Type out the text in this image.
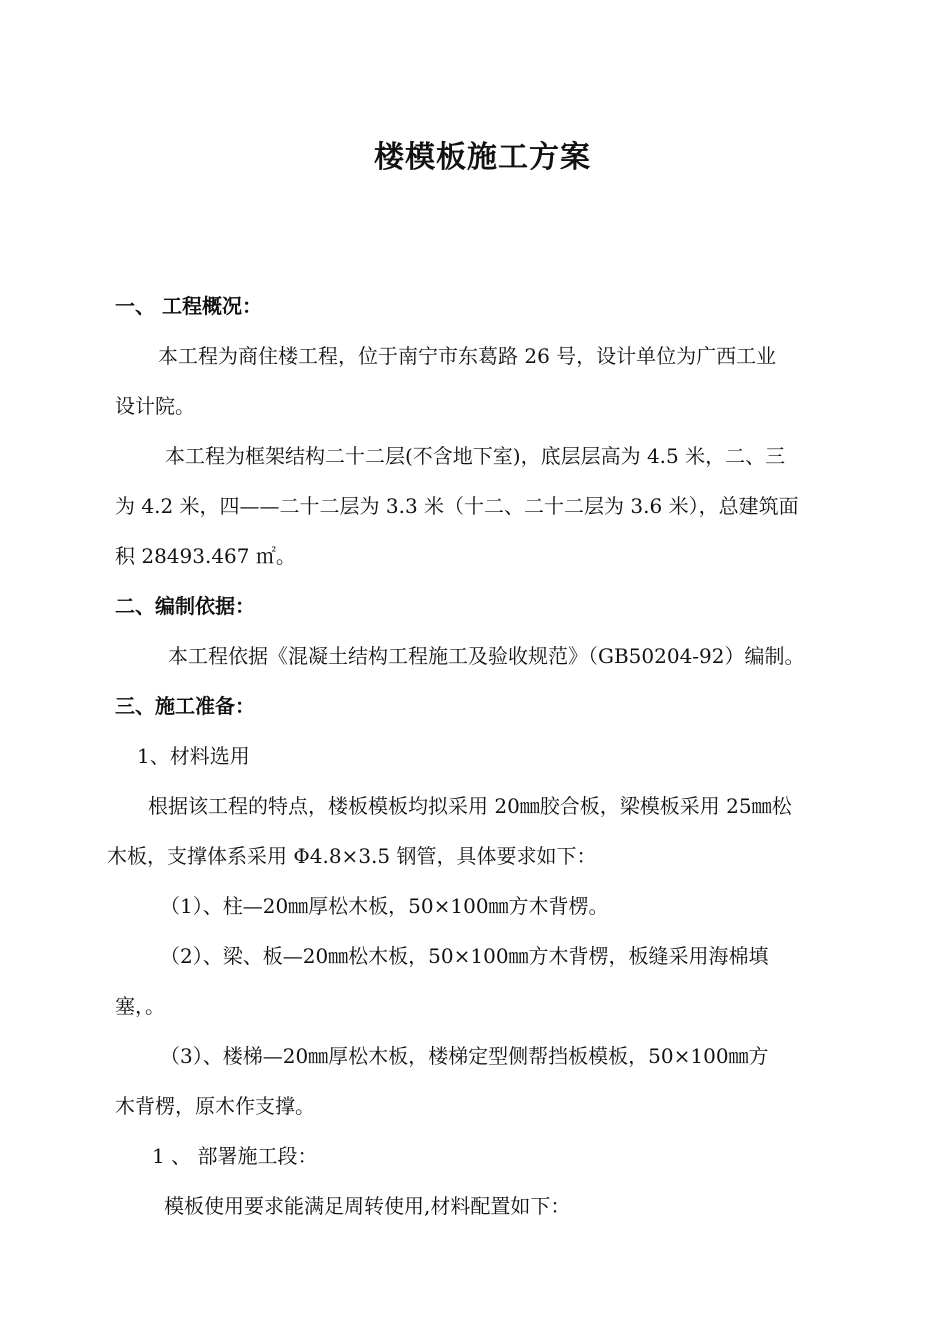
楼模板施工方案
一、 工程概况：
本工程为商住楼工程，位于南宁市东葛路 26 号，设计单位为广西工业
设计院。
本工程为框架结构二十二层(不含地下室)，底层层高为 4.5 米，二、三
为 4.2 米，四——二十二层为 3.3 米（十二、二十二层为 3.6 米），总建筑面
积 28493.467 ㎡。
二、编制依据：
本工程依据《混凝土结构工程施工及验收规范》（GB50204-92）编制。
三、施工准备：
1、材料选用
根据该工程的特点，楼板模板均拟采用 20㎜胶合板，梁模板采用 25㎜松
木板，支撑体系采用 Φ4.8×3.5 钢管，具体要求如下：
（1）、柱—20㎜厚松木板，50×100㎜方木背楞。
（2）、梁、板—20㎜松木板，50×100㎜方木背楞，板缝采用海棉填
塞，。
（3）、楼梯—20㎜厚松木板，楼梯定型侧帮挡板模板，50×100㎜方
木背楞，原木作支撑。
1 、 部署施工段：
模板使用要求能满足周转使用,材料配置如下：
